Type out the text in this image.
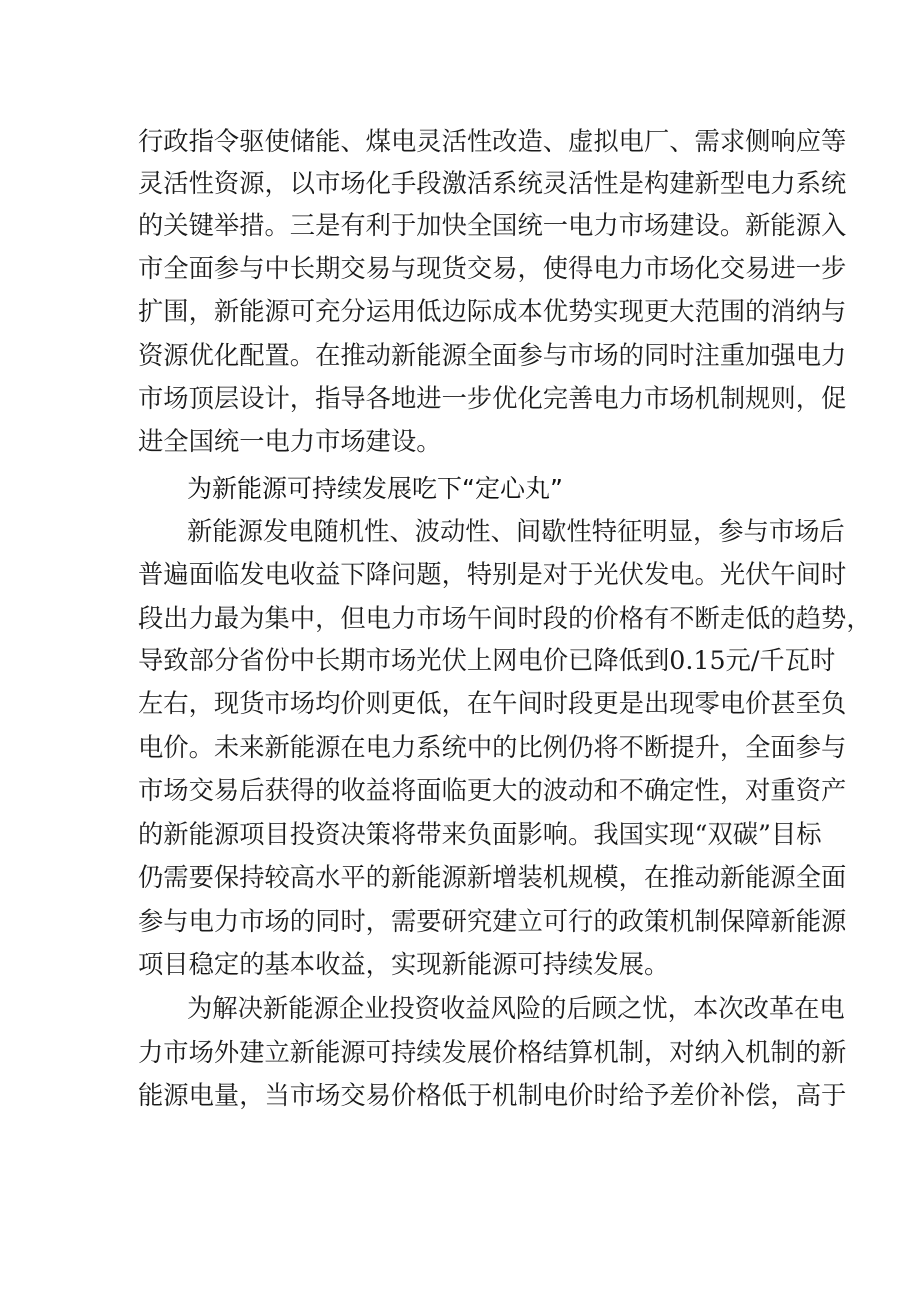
行政指令驱使储能、煤电灵活性改造、虚拟电厂、需求侧响应等
灵活性资源，以市场化手段激活系统灵活性是构建新型电力系统
的关键举措。三是有利于加快全国统一电力市场建设。新能源入
市全面参与中长期交易与现货交易，使得电力市场化交易进一步
扩围，新能源可充分运用低边际成本优势实现更大范围的消纳与
资源优化配置。在推动新能源全面参与市场的同时注重加强电力
市场顶层设计，指导各地进一步优化完善电力市场机制规则，促
进全国统一电力市场建设。
为新能源可持续发展吃下“定心丸”
新能源发电随机性、波动性、间歇性特征明显，参与市场后
普遍面临发电收益下降问题，特别是对于光伏发电。光伏午间时
段出力最为集中，但电力市场午间时段的价格有不断走低的趋势，
导致部分省份中长期市场光伏上网电价已降低到0.15元/千瓦时
左右，现货市场均价则更低，在午间时段更是出现零电价甚至负
电价。未来新能源在电力系统中的比例仍将不断提升，全面参与
市场交易后获得的收益将面临更大的波动和不确定性，对重资产
的新能源项目投资决策将带来负面影响。我国实现“双碳”目标
仍需要保持较高水平的新能源新增装机规模，在推动新能源全面
参与电力市场的同时，需要研究建立可行的政策机制保障新能源
项目稳定的基本收益，实现新能源可持续发展。
为解决新能源企业投资收益风险的后顾之忧，本次改革在电
力市场外建立新能源可持续发展价格结算机制，对纳入机制的新
能源电量，当市场交易价格低于机制电价时给予差价补偿，高于
